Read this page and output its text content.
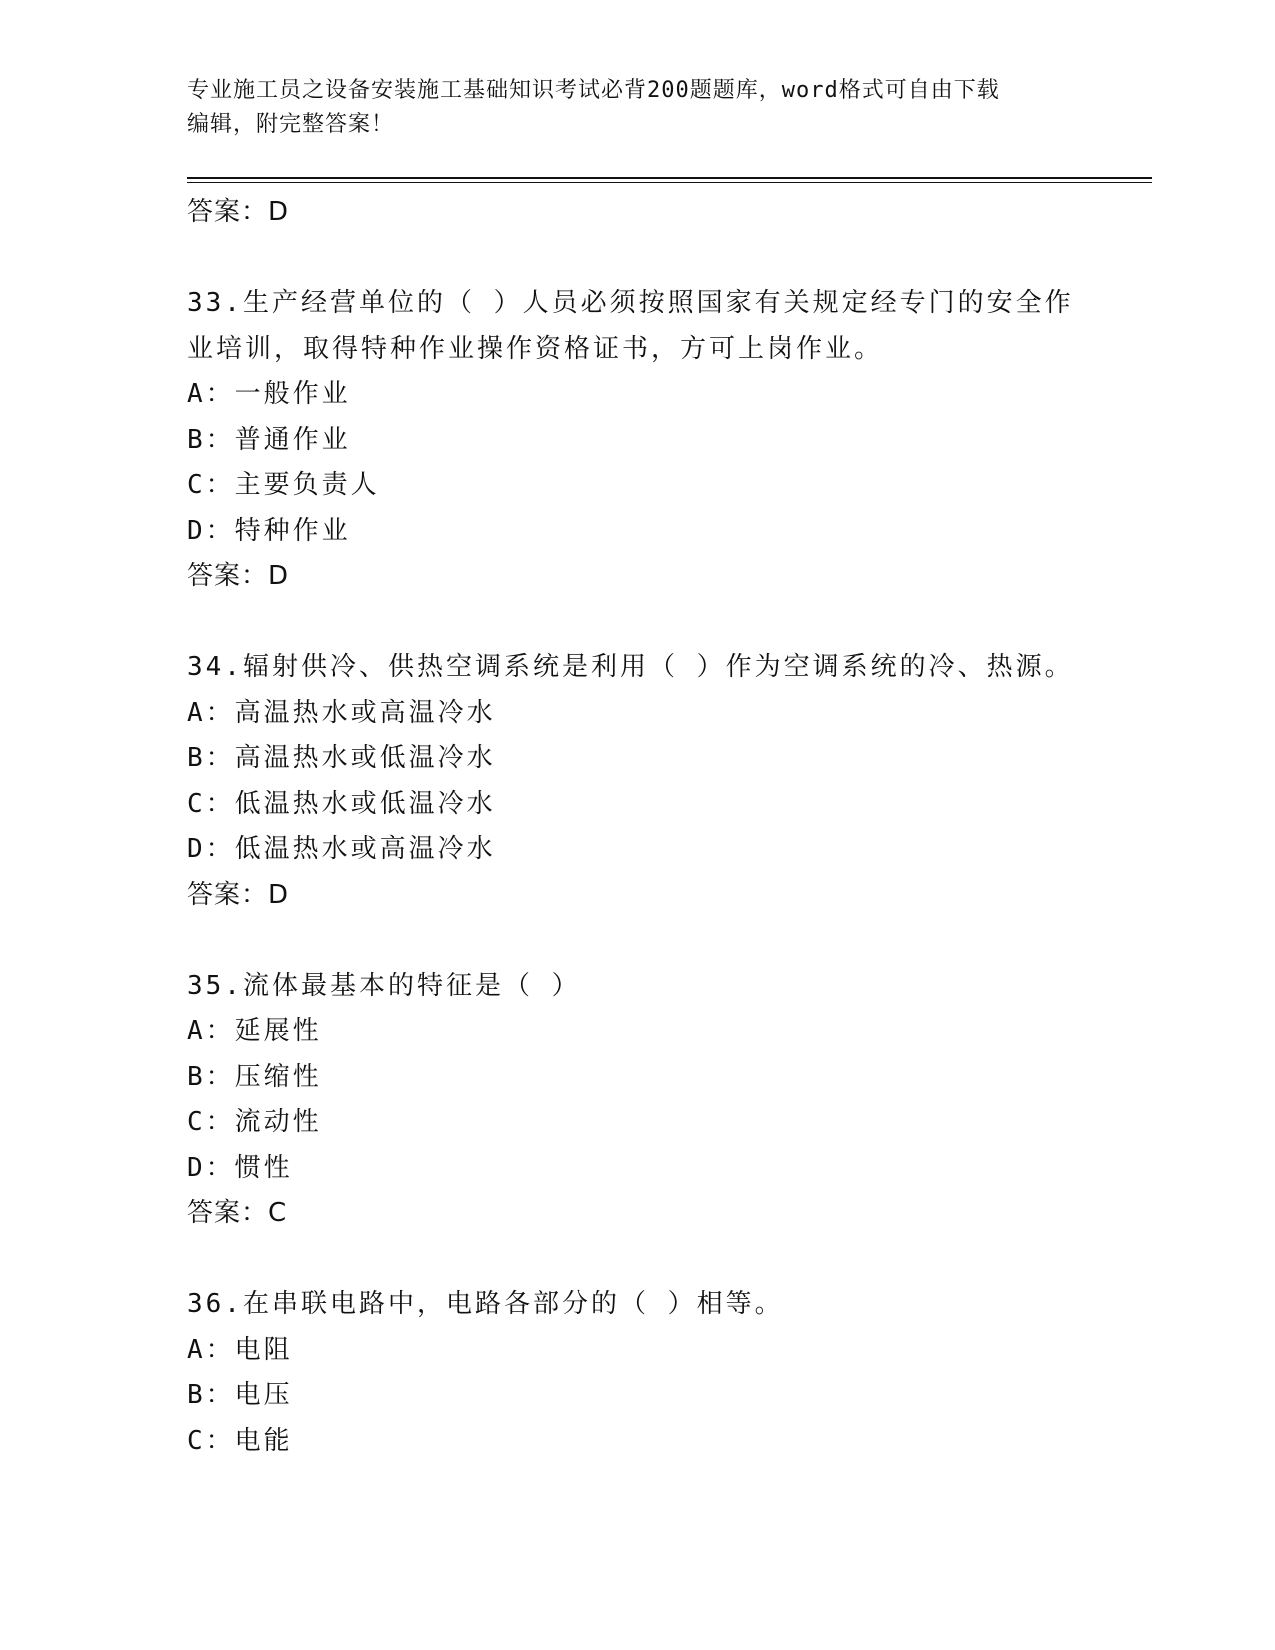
专业施工员之设备安装施工基础知识考试必背200题题库，word格式可自由下载
编辑，附完整答案！
答案：D
33.生产经营单位的（ ）人员必须按照国家有关规定经专门的安全作
业培训，取得特种作业操作资格证书，方可上岗作业。
A：一般作业
B：普通作业
C：主要负责人
D：特种作业
答案：D
34.辐射供冷、供热空调系统是利用（ ）作为空调系统的冷、热源。
A：高温热水或高温冷水
B：高温热水或低温冷水
C：低温热水或低温冷水
D：低温热水或高温冷水
答案：D
35.流体最基本的特征是（ ）
A：延展性
B：压缩性
C：流动性
D：惯性
答案：C
36.在串联电路中，电路各部分的（ ）相等。
A：电阻
B：电压
C：电能
